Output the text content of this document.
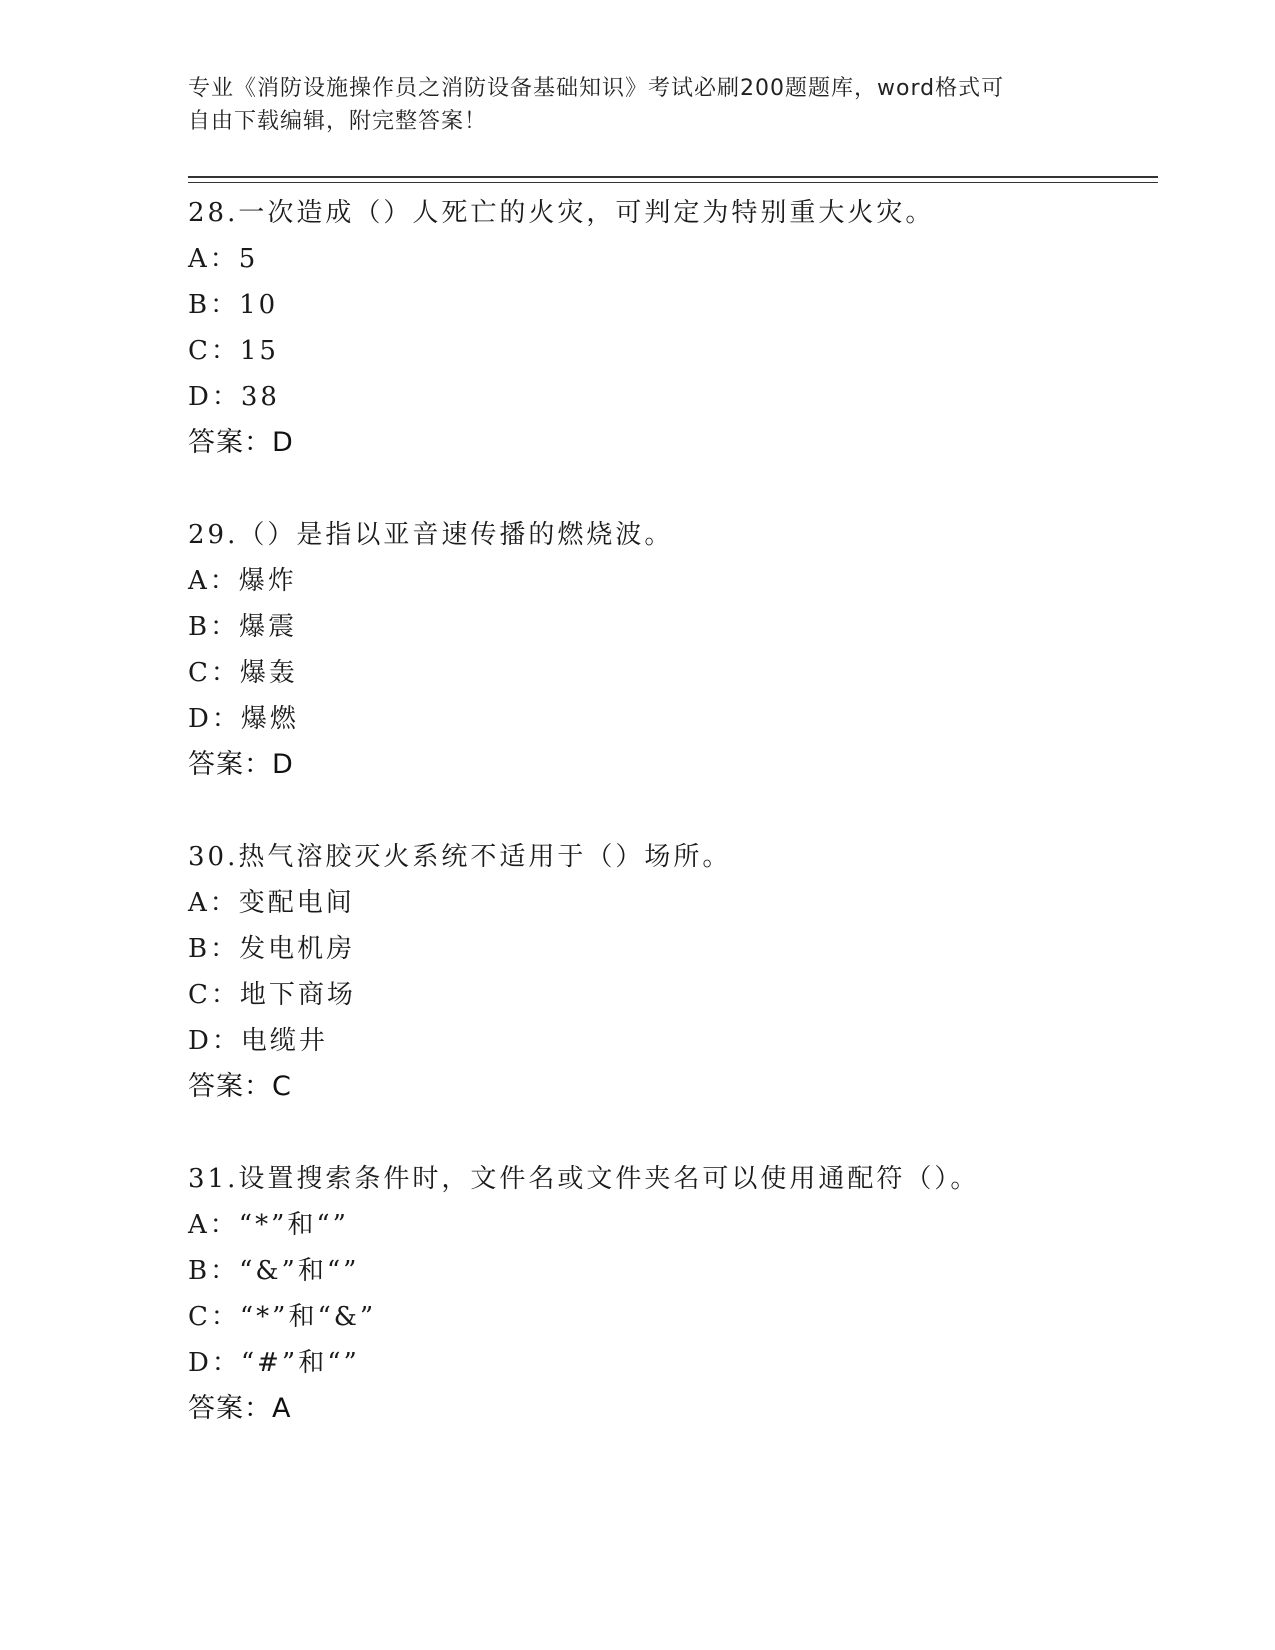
专业《消防设施操作员之消防设备基础知识》考试必刷200题题库，word格式可
自由下载编辑，附完整答案！
28.一次造成（）人死亡的火灾，可判定为特别重大火灾。
A：5
B：10
C：15
D：38
答案：D
29.（）是指以亚音速传播的燃烧波。
A：爆炸
B：爆震
C：爆轰
D：爆燃
答案：D
30.热气溶胶灭火系统不适用于（）场所。
A：变配电间
B：发电机房
C：地下商场
D：电缆井
答案：C
31.设置搜索条件时，文件名或文件夹名可以使用通配符（）。
A：“*”和“”
B：“&”和“”
C：“*”和“&”
D：“#”和“”
答案：A
